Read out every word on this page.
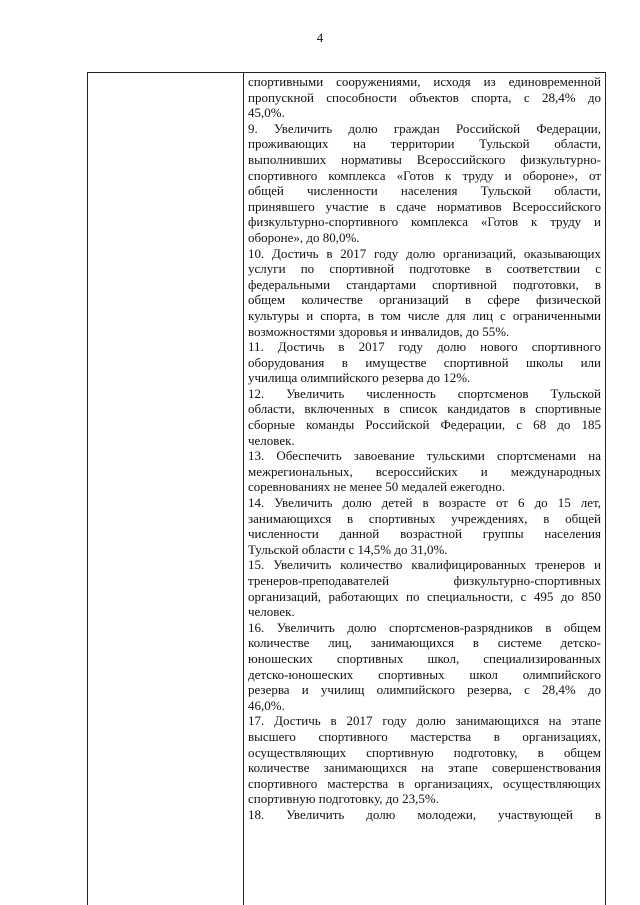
4
спортивными сооружениями, исходя из единовременной
пропускной способности объектов спорта, с 28,4% до
45,0%.
9. Увеличить долю граждан Российской Федерации,
проживающих на территории Тульской области,
выполнивших нормативы Всероссийского физкультурно-
спортивного комплекса «Готов к труду и обороне», от
общей численности населения Тульской области,
принявшего участие в сдаче нормативов Всероссийского
физкультурно-спортивного комплекса «Готов к труду и
обороне», до 80,0%.
10. Достичь в 2017 году долю организаций, оказывающих
услуги по спортивной подготовке в соответствии с
федеральными стандартами спортивной подготовки, в
общем количестве организаций в сфере физической
культуры и спорта, в том числе для лиц с ограниченными
возможностями здоровья и инвалидов, до 55%.
11. Достичь в 2017 году долю нового спортивного
оборудования в имуществе спортивной школы или
училища олимпийского резерва до 12%.
12. Увеличить численность спортсменов Тульской
области, включенных в список кандидатов в спортивные
сборные команды Российской Федерации, с 68 до 185
человек.
13. Обеспечить завоевание тульскими спортсменами на
межрегиональных, всероссийских и международных
соревнованиях не менее 50 медалей ежегодно.
14. Увеличить долю детей в возрасте от 6 до 15 лет,
занимающихся в спортивных учреждениях, в общей
численности данной возрастной группы населения
Тульской области с 14,5% до 31,0%.
15. Увеличить количество квалифицированных тренеров и
тренеров-преподавателей физкультурно-спортивных
организаций, работающих по специальности, с 495 до 850
человек.
16. Увеличить долю спортсменов-разрядников в общем
количестве лиц, занимающихся в системе детско-
юношеских спортивных школ, специализированных
детско-юношеских спортивных школ олимпийского
резерва и училищ олимпийского резерва, с 28,4% до
46,0%.
17. Достичь в 2017 году долю занимающихся на этапе
высшего спортивного мастерства в организациях,
осуществляющих спортивную подготовку, в общем
количестве занимающихся на этапе совершенствования
спортивного мастерства в организациях, осуществляющих
спортивную подготовку, до 23,5%.
18. Увеличить долю молодежи, участвующей в
